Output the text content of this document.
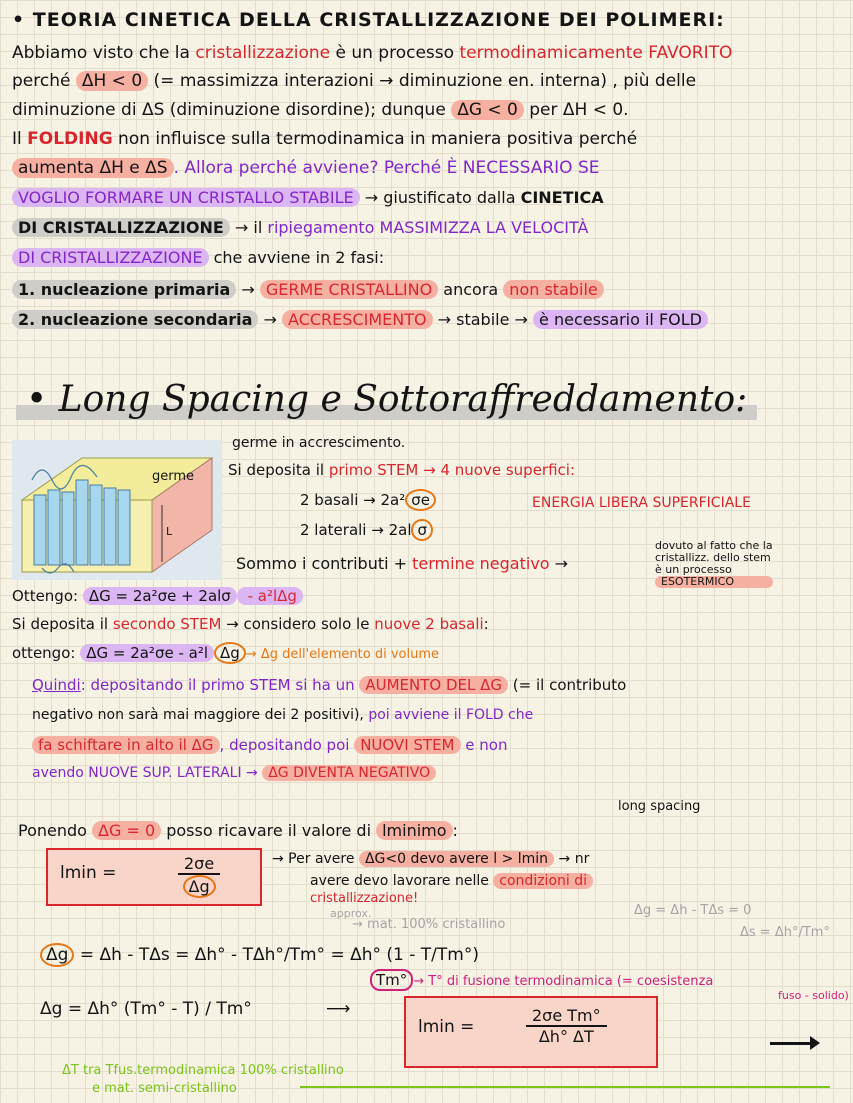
• TEORIA CINETICA DELLA CRISTALLIZZAZIONE DEI POLIMERI:
Abbiamo visto che la cristallizzazione è un processo termodinamicamente FAVORITO
perché ΔH < 0 (= massimizza interazioni → diminuzione en. interna) , più delle
diminuzione di ΔS (diminuzione disordine); dunque ΔG < 0 per ΔH < 0.
Il FOLDING non influisce sulla termodinamica in maniera positiva perché
aumenta ΔH e ΔS . Allora perché avviene? Perché È NECESSARIO SE
VOGLIO FORMARE UN CRISTALLO STABILE → giustificato dalla CINETICA
DI CRISTALLIZZAZIONE → il ripiegamento MASSIMIZZA LA VELOCITÀ
DI CRISTALLIZZAZIONE che avviene in 2 fasi:
1. nucleazione primaria → GERME CRISTALLINO ancora non stabile
2. nucleazione secondaria → ACCRESCIMENTO → stabile → è necessario il FOLD
• Long Spacing e Sottoraffreddamento:
germe
L
germe in accrescimento.
Si deposita il primo STEM → 4 nuove superfici:
2 basali → 2a² σe
2 laterali → 2al σ
ENERGIA LIBERA SUPERFICIALE
Sommo i contributi + termine negativo →
dovuto al fatto che la
cristallizz. dello stem
è un processo
ESOTERMICO
Ottengo: ΔG = 2a²σe + 2alσ - a²lΔg
Si deposita il secondo STEM → considero solo le nuove 2 basali:
ottengo: ΔG = 2a²σe - a²l Δg → Δg dell'elemento di volume
Quindi: depositando il primo STEM si ha un AUMENTO DEL ΔG (= il contributo
negativo non sarà mai maggiore dei 2 positivi), poi avviene il FOLD che
fa schiftare in alto il ΔG , depositando poi NUOVI STEM e non
avendo NUOVE SUP. LATERALI → ΔG DIVENTA NEGATIVO
long spacing
Ponendo ΔG = 0 posso ricavare il valore di lminimo :
lmin =	$\frac{2\sigma e}{\Delta g}$	→ Per avere ΔG<0 devo avere l > lmin → nr
avere devo lavorare nelle condizioni di
cristallizzazione!
approx.
→ mat. 100% cristallino
Δg = Δh - TΔs = 0
Δs = Δh°/Tm°
Δg = Δh - TΔs = Δh° - TΔh°/Tm° = Δh° (1 - T/Tm°)
Tm° → T° di fusione termodinamica (= coesistenza
fuso - solido)
Δg = Δh° (Tm° - T) / Tm°	⟶
lmin =	$\frac{\text{2σe Tm°}}{\Delta h^\circ \Delta T}$
ΔT tra Tfus.termodinamica 100% cristallino
e mat. semi-cristallino
